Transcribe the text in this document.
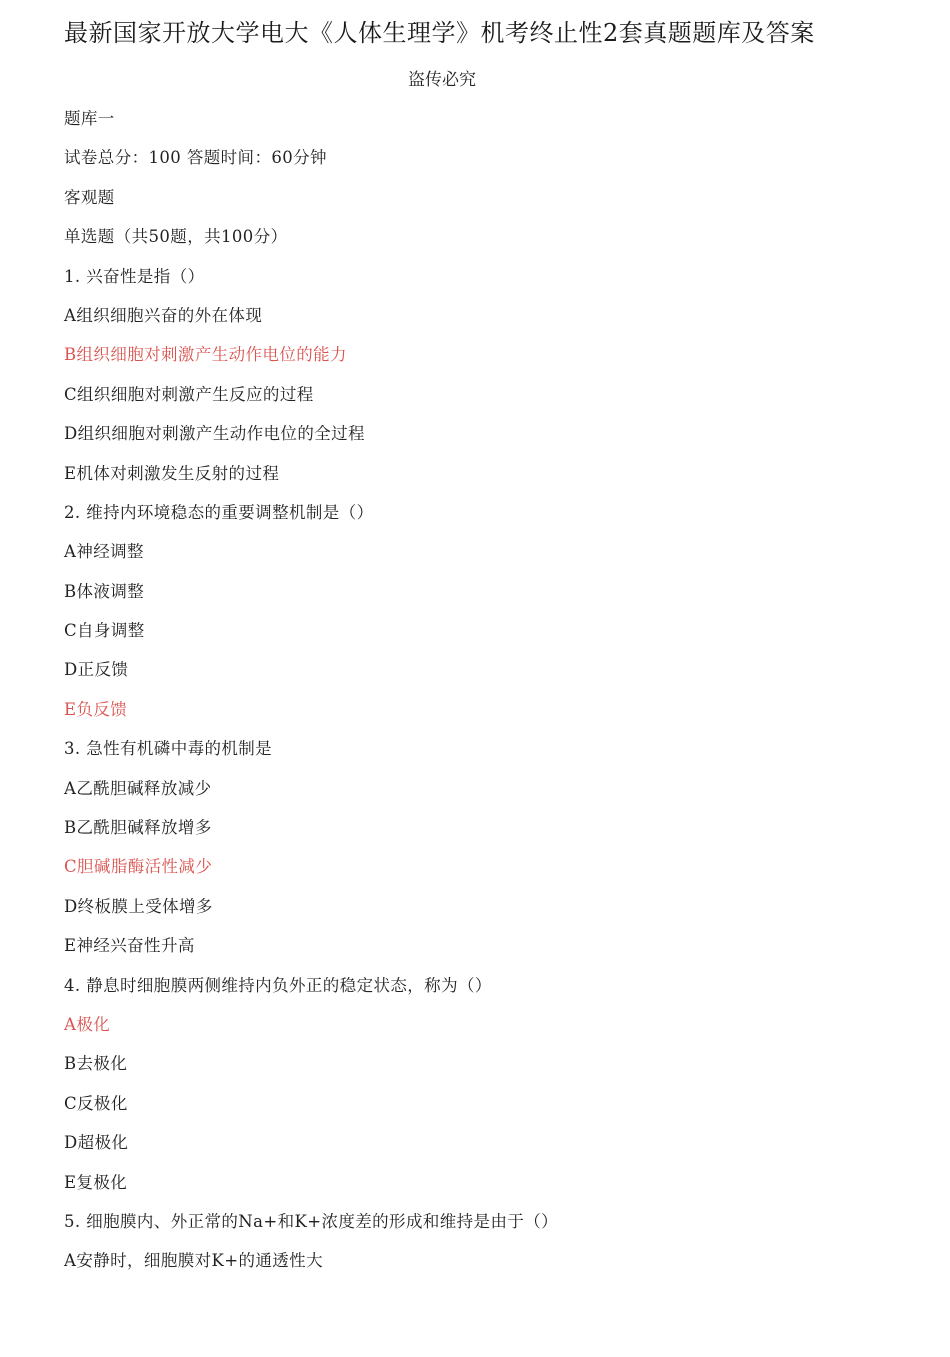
最新国家开放大学电大《人体生理学》机考终止性2套真题题库及答案
盗传必究
题库一
试卷总分：100 答题时间：60分钟
客观题
单选题（共50题，共100分）
1. 兴奋性是指（）
A组织细胞兴奋的外在体现
B组织细胞对刺激产生动作电位的能力
C组织细胞对刺激产生反应的过程
D组织细胞对刺激产生动作电位的全过程
E机体对刺激发生反射的过程
2. 维持内环境稳态的重要调整机制是（）
A神经调整
B体液调整
C自身调整
D正反馈
E负反馈
3. 急性有机磷中毒的机制是
A乙酰胆碱释放减少
B乙酰胆碱释放增多
C胆碱脂酶活性减少
D终板膜上受体增多
E神经兴奋性升高
4. 静息时细胞膜两侧维持内负外正的稳定状态，称为（）
A极化
B去极化
C反极化
D超极化
E复极化
5. 细胞膜内、外正常的Na+和K+浓度差的形成和维持是由于（）
A安静时，细胞膜对K+的通透性大
